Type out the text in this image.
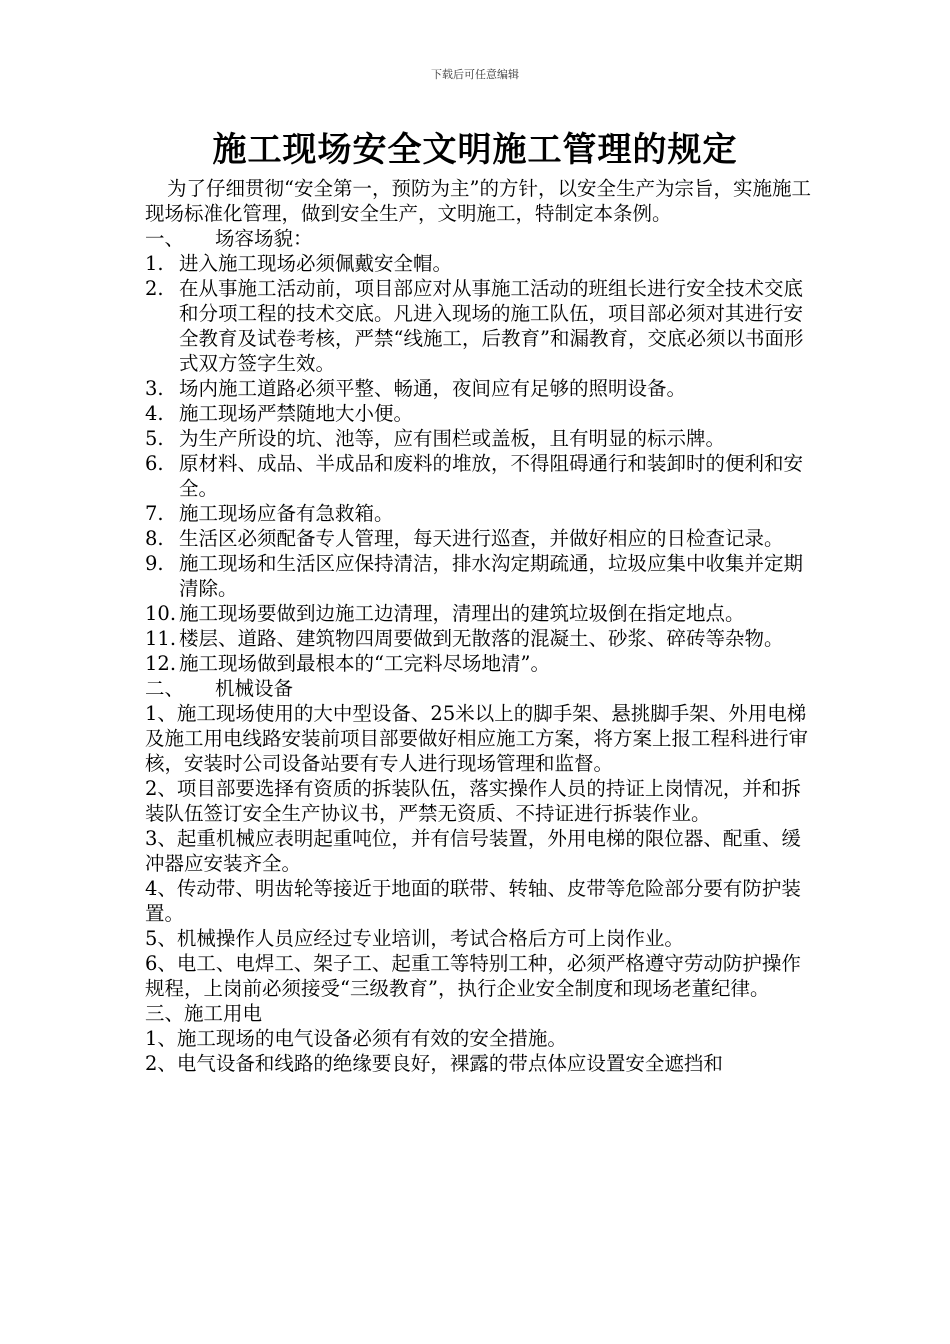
下载后可任意编辑
施工现场安全文明施工管理的规定

为了仔细贯彻“安全第一，预防为主”的方针，以安全生产为宗旨，实施施工现场标准化管理，做到安全生产，文明施工，特制定本条例。

一、 场容场貌：

1. 进入施工现场必须佩戴安全帽。
2. 在从事施工活动前，项目部应对从事施工活动的班组长进行安全技术交底和分项工程的技术交底。凡进入现场的施工队伍，项目部必须对其进行安全教育及试卷考核，严禁“线施工，后教育”和漏教育，交底必须以书面形式双方签字生效。
3. 场内施工道路必须平整、畅通，夜间应有足够的照明设备。
4. 施工现场严禁随地大小便。
5. 为生产所设的坑、池等，应有围栏或盖板，且有明显的标示牌。
6. 原材料、成品、半成品和废料的堆放，不得阻碍通行和装卸时的便利和安全。
7. 施工现场应备有急救箱。
8. 生活区必须配备专人管理，每天进行巡查，并做好相应的日检查记录。
9. 施工现场和生活区应保持清洁，排水沟定期疏通，垃圾应集中收集并定期清除。
10. 施工现场要做到边施工边清理，清理出的建筑垃圾倒在指定地点。
11. 楼层、道路、建筑物四周要做到无散落的混凝土、砂浆、碎砖等杂物。
12. 施工现场做到最根本的“工完料尽场地清”。

二、 机械设备

1、施工现场使用的大中型设备、25米以上的脚手架、悬挑脚手架、外用电梯及施工用电线路安装前项目部要做好相应施工方案，将方案上报工程科进行审核，安装时公司设备站要有专人进行现场管理和监督。

2、项目部要选择有资质的拆装队伍，落实操作人员的持证上岗情况，并和拆装队伍签订安全生产协议书，严禁无资质、不持证进行拆装作业。

3、起重机械应表明起重吨位，并有信号装置，外用电梯的限位器、配重、缓冲器应安装齐全。

4、传动带、明齿轮等接近于地面的联带、转轴、皮带等危险部分要有防护装置。

5、机械操作人员应经过专业培训，考试合格后方可上岗作业。

6、电工、电焊工、架子工、起重工等特别工种，必须严格遵守劳动防护操作规程，上岗前必须接受“三级教育”，执行企业安全制度和现场老董纪律。

三、施工用电

1、施工现场的电气设备必须有有效的安全措施。

2、电气设备和线路的绝缘要良好，裸露的带点体应设置安全遮挡和
